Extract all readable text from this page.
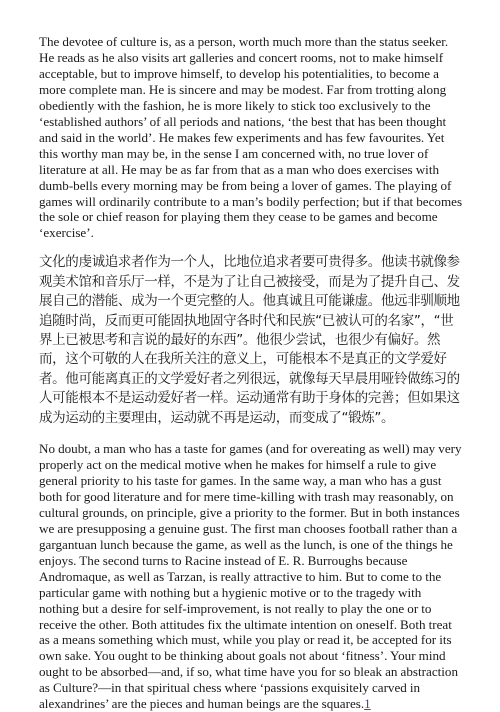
The devotee of culture is, as a person, worth much more than the status seeker. He reads as he also visits art galleries and concert rooms, not to make himself acceptable, but to improve himself, to develop his potentialities, to become a more complete man. He is sincere and may be modest. Far from trotting along obediently with the fashion, he is more likely to stick too exclusively to the ‘established authors’ of all periods and nations, ‘the best that has been thought and said in the world’. He makes few experiments and has few favourites. Yet this worthy man may be, in the sense I am concerned with, no true lover of literature at all. He may be as far from that as a man who does exercises with dumb-bells every morning may be from being a lover of games. The playing of games will ordinarily contribute to a man’s bodily perfection; but if that becomes the sole or chief reason for playing them they cease to be games and become ‘exercise’.

文化的虔诚追求者作为一个人，比地位追求者要可贵得多。他读书就像参观美术馆和音乐厅一样，不是为了让自己被接受，而是为了提升自己、发展自己的潜能、成为一个更完整的人。他真诚且可能谦虚。他远非驯顺地追随时尚，反而更可能固执地固守各时代和民族“已被认可的名家”，“世界上已被思考和言说的最好的东西”。他很少尝试，也很少有偏好。然而，这个可敬的人在我所关注的意义上，可能根本不是真正的文学爱好者。他可能离真正的文学爱好者之列很远，就像每天早晨用哑铃做练习的人可能根本不是运动爱好者一样。运动通常有助于身体的完善；但如果这成为运动的主要理由，运动就不再是运动，而变成了“锻炼”。

No doubt, a man who has a taste for games (and for overeating as well) may very properly act on the medical motive when he makes for himself a rule to give general priority to his taste for games. In the same way, a man who has a gust both for good literature and for mere time-killing with trash may reasonably, on cultural grounds, on principle, give a priority to the former. But in both instances we are presupposing a genuine gust. The first man chooses football rather than a gargantuan lunch because the game, as well as the lunch, is one of the things he enjoys. The second turns to Racine instead of E. R. Burroughs because Andromaque, as well as Tarzan, is really attractive to him. But to come to the particular game with nothing but a hygienic motive or to the tragedy with nothing but a desire for self-improvement, is not really to play the one or to receive the other. Both attitudes fix the ultimate intention on oneself. Both treat as a means something which must, while you play or read it, be accepted for its own sake. You ought to be thinking about goals not about ‘fitness’. Your mind ought to be absorbed—and, if so, what time have you for so bleak an abstraction as Culture?—in that spiritual chess where ‘passions exquisitely carved in alexandrines’ are the pieces and human beings are the squares.1
